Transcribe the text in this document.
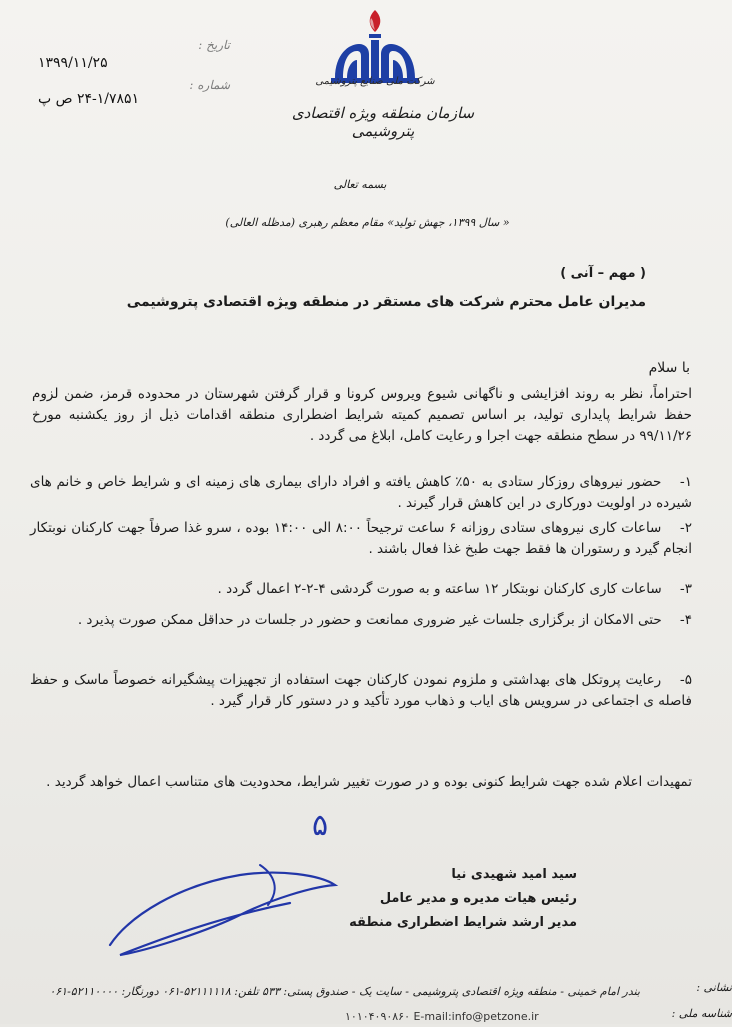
شرکت ملی صنایع پتروشیمی
سازمان منطقه ویژه اقتصادی پتروشیمی
تاریخ :
شماره :
۱۳۹۹/۱۱/۲۵
۲۴-۱/۷۸۵۱ ص پ
بسمه تعالی
« سال ۱۳۹۹، جهش تولید» مقام معظم رهبری (مدظله العالی)
( مهم – آنی )
مدیران عامل محترم شرکت های مستقر در منطقه ویژه اقتصادی پتروشیمی
با سلام
احتراماً، نظر به روند افزایشی و ناگهانی شیوع ویروس کرونا و قرار گرفتن شهرستان در محدوده قرمز، ضمن لزوم حفظ شرایط پایداری تولید، بر اساس تصمیم کمیته شرایط اضطراری منطقه اقدامات ذیل از روز یکشنبه مورخ ۹۹/۱۱/۲۶ در سطح منطقه جهت اجرا و رعایت کامل، ابلاغ می گردد .
۱- حضور نیروهای روزکار ستادی به ۵۰٪ کاهش یافته و افراد دارای بیماری های زمینه ای و شرایط خاص و خانم های شیرده در اولویت دورکاری در این کاهش قرار گیرند .
۲- ساعات کاری نیروهای ستادی روزانه ۶ ساعت ترجیحاً ۸:۰۰ الی ۱۴:۰۰ بوده ، سرو غذا صرفاً جهت کارکنان نوبتکار انجام گیرد و رستوران ها فقط جهت طبخ غذا فعال باشند .
۳- ساعات کاری کارکنان نوبتکار ۱۲ ساعته و به صورت گردشی ۴-۲-۲ اعمال گردد .
۴- حتی الامکان از برگزاری جلسات غیر ضروری ممانعت و حضور در جلسات در حداقل ممکن صورت پذیرد .
۵- رعایت پروتکل های بهداشتی و ملزوم نمودن کارکنان جهت استفاده از تجهیزات پیشگیرانه خصوصاً ماسک و حفظ فاصله ی اجتماعی در سرویس های ایاب و ذهاب مورد تأکید و در دستور کار قرار گیرد .
تمهیدات اعلام شده جهت شرایط کنونی بوده و در صورت تغییر شرایط، محدودیت های متناسب اعمال خواهد گردید .
۵
سید امید شهیدی نیا
رئیس هیات مدیره و مدیر عامل
مدیر ارشد شرایط اضطراری منطقه
نشانی :
شناسه ملی :
بندر امام خمینی - منطقه ویژه اقتصادی پتروشیمی - سایت یک - صندوق پستی: ۵۳۳ تلفن: ۵۲۱۱۱۱۱۸-۰۶۱ دورنگار: ۵۲۱۱۰۰۰۰-۰۶۱
۱۰۱۰۴۰۹۰۸۶۰ E-mail:info@petzone.ir
